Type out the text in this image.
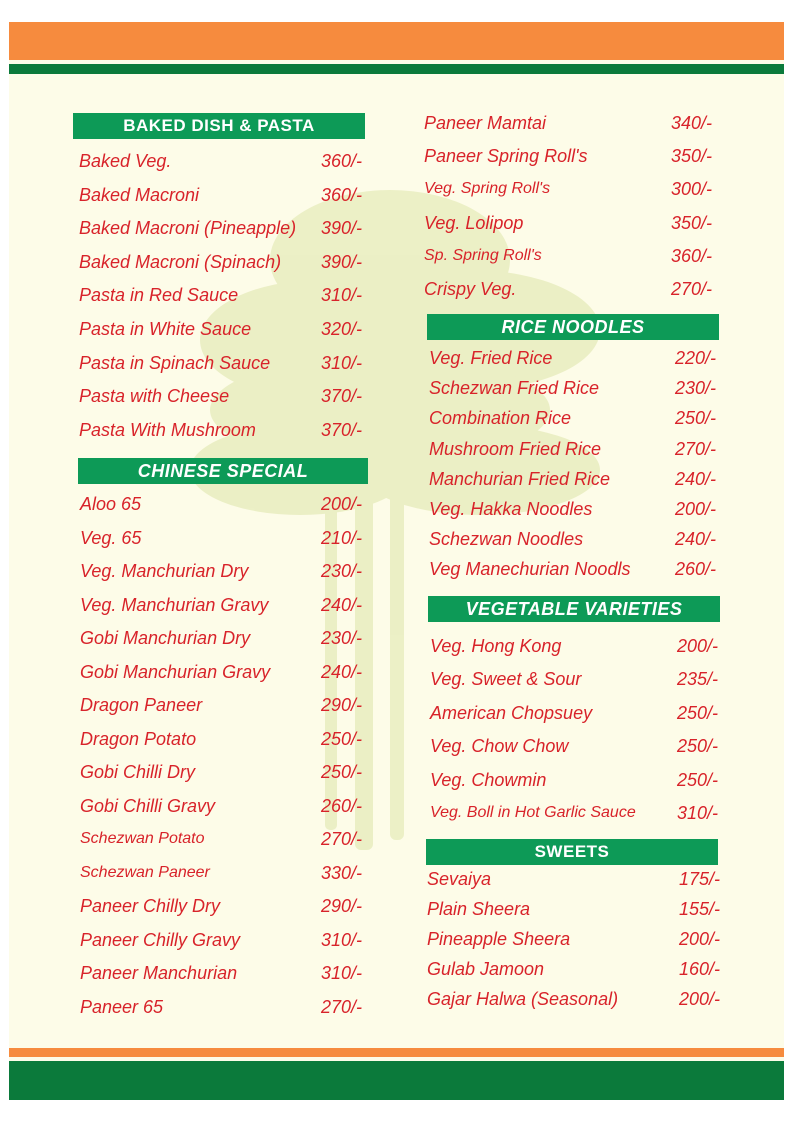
BAKED DISH & PASTA
Baked Veg.	360/-
Baked Macroni	360/-
Baked Macroni (Pineapple) 390/-
Baked Macroni (Spinach) 390/-
Pasta in Red Sauce	310/-
Pasta in White Sauce	320/-
Pasta in Spinach Sauce	310/-
Pasta with Cheese	370/-
Pasta With Mushroom	370/-
CHINESE SPECIAL
Aloo 65	200/-
Veg. 65	210/-
Veg. Manchurian Dry	230/-
Veg. Manchurian Gravy	240/-
Gobi Manchurian Dry	230/-
Gobi Manchurian Gravy	240/-
Dragon Paneer	290/-
Dragon Potato	250/-
Gobi Chilli Dry	250/-
Gobi Chilli Gravy	260/-
Schezwan Potato	270/-
Schezwan Paneer	330/-
Paneer Chilly Dry	290/-
Paneer Chilly Gravy	310/-
Paneer Manchurian	310/-
Paneer 65	270/-
Paneer Mamtai	340/-
Paneer Spring Roll's	350/-
Veg. Spring Roll's	300/-
Veg. Lolipop	350/-
Sp. Spring Roll's	360/-
Crispy Veg.	270/-
RICE NOODLES
Veg. Fried Rice	220/-
Schezwan Fried Rice	230/-
Combination Rice	250/-
Mushroom Fried Rice	270/-
Manchurian Fried Rice	240/-
Veg. Hakka Noodles	200/-
Schezwan Noodles	240/-
Veg Manechurian Noodls 260/-
VEGETABLE VARIETIES
Veg. Hong Kong	200/-
Veg. Sweet & Sour	235/-
American Chopsuey	250/-
Veg. Chow Chow	250/-
Veg. Chowmin	250/-
Veg. Boll in Hot Garlic Sauce 310/-
SWEETS
Sevaiya	175/-
Plain Sheera	155/-
Pineapple Sheera	200/-
Gulab Jamoon	160/-
Gajar Halwa (Seasonal)	200/-
